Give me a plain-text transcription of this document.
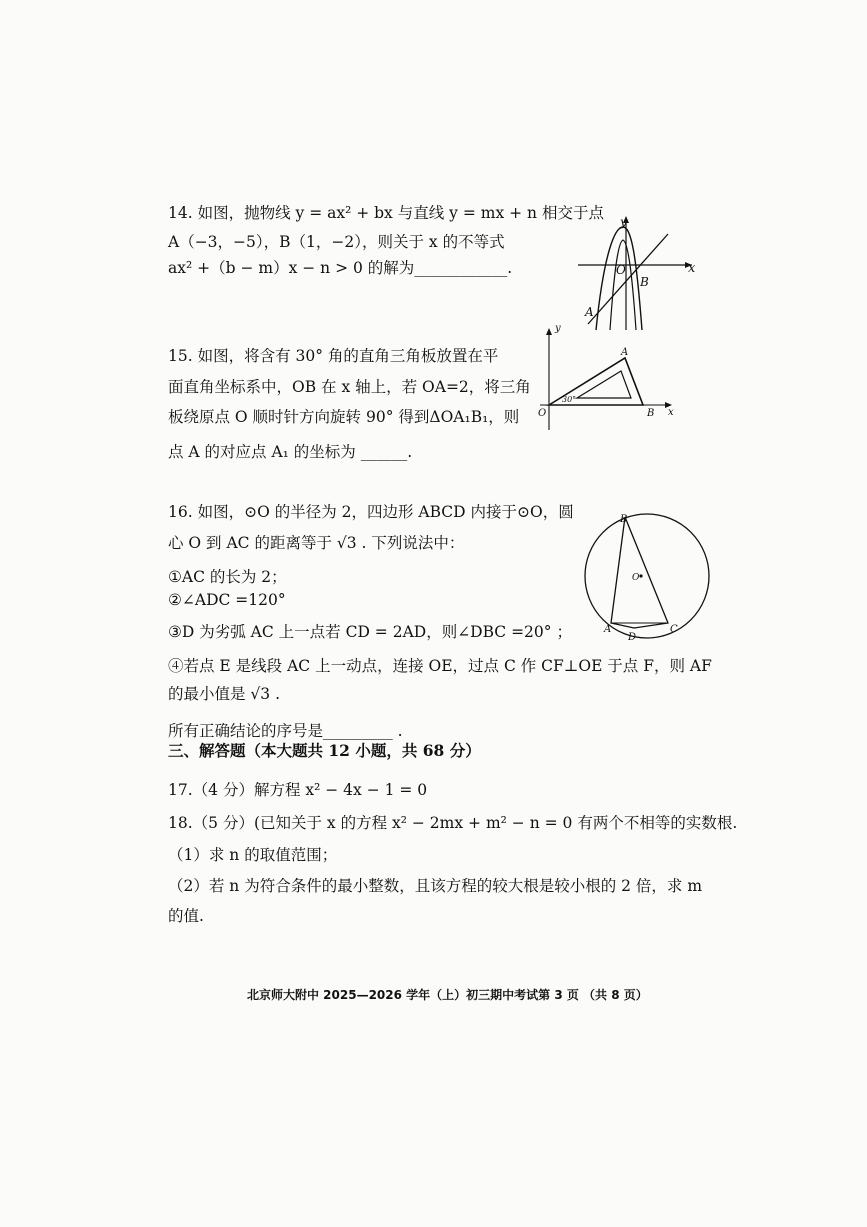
14. 如图，抛物线 y = ax² + bx 与直线 y = mx + n 相交于点
A（−3，−5），B（1，−2），则关于 x 的不等式
ax² +（b − m）x − n > 0 的解为____________.
y
x
O
B
A
15. 如图，将含有 30° 角的直角三角板放置在平
面直角坐标系中，OB 在 x 轴上，若 OA=2，将三角
板绕原点 O 顺时针方向旋转 90° 得到ΔOA₁B₁，则
点 A 的对应点 A₁ 的坐标为 ______.
y
x
O
A
B
30°
16. 如图，⊙O 的半径为 2，四边形 ABCD 内接于⊙O，圆
心 O 到 AC 的距离等于 √3 . 下列说法中：
①AC 的长为 2；
②∠ADC =120°
③D 为劣弧 AC 上一点若 CD = 2AD，则∠DBC =20° ；
④若点 E 是线段 AC 上一动点，连接 OE，过点 C 作 CF⊥OE 于点 F，则 AF
的最小值是 √3 .
所有正确结论的序号是_________ .
B
A
D
C
O
三、解答题（本大题共 12 小题，共 68 分）
17.（4 分）解方程 x² − 4x − 1 = 0
18.（5 分）(已知关于 x 的方程 x² − 2mx + m² − n = 0 有两个不相等的实数根.
（1）求 n 的取值范围；
（2）若 n 为符合条件的最小整数，且该方程的较大根是较小根的 2 倍，求 m
的值.
北京师大附中 2025—2026 学年（上）初三期中考试第 3 页 （共 8 页）
